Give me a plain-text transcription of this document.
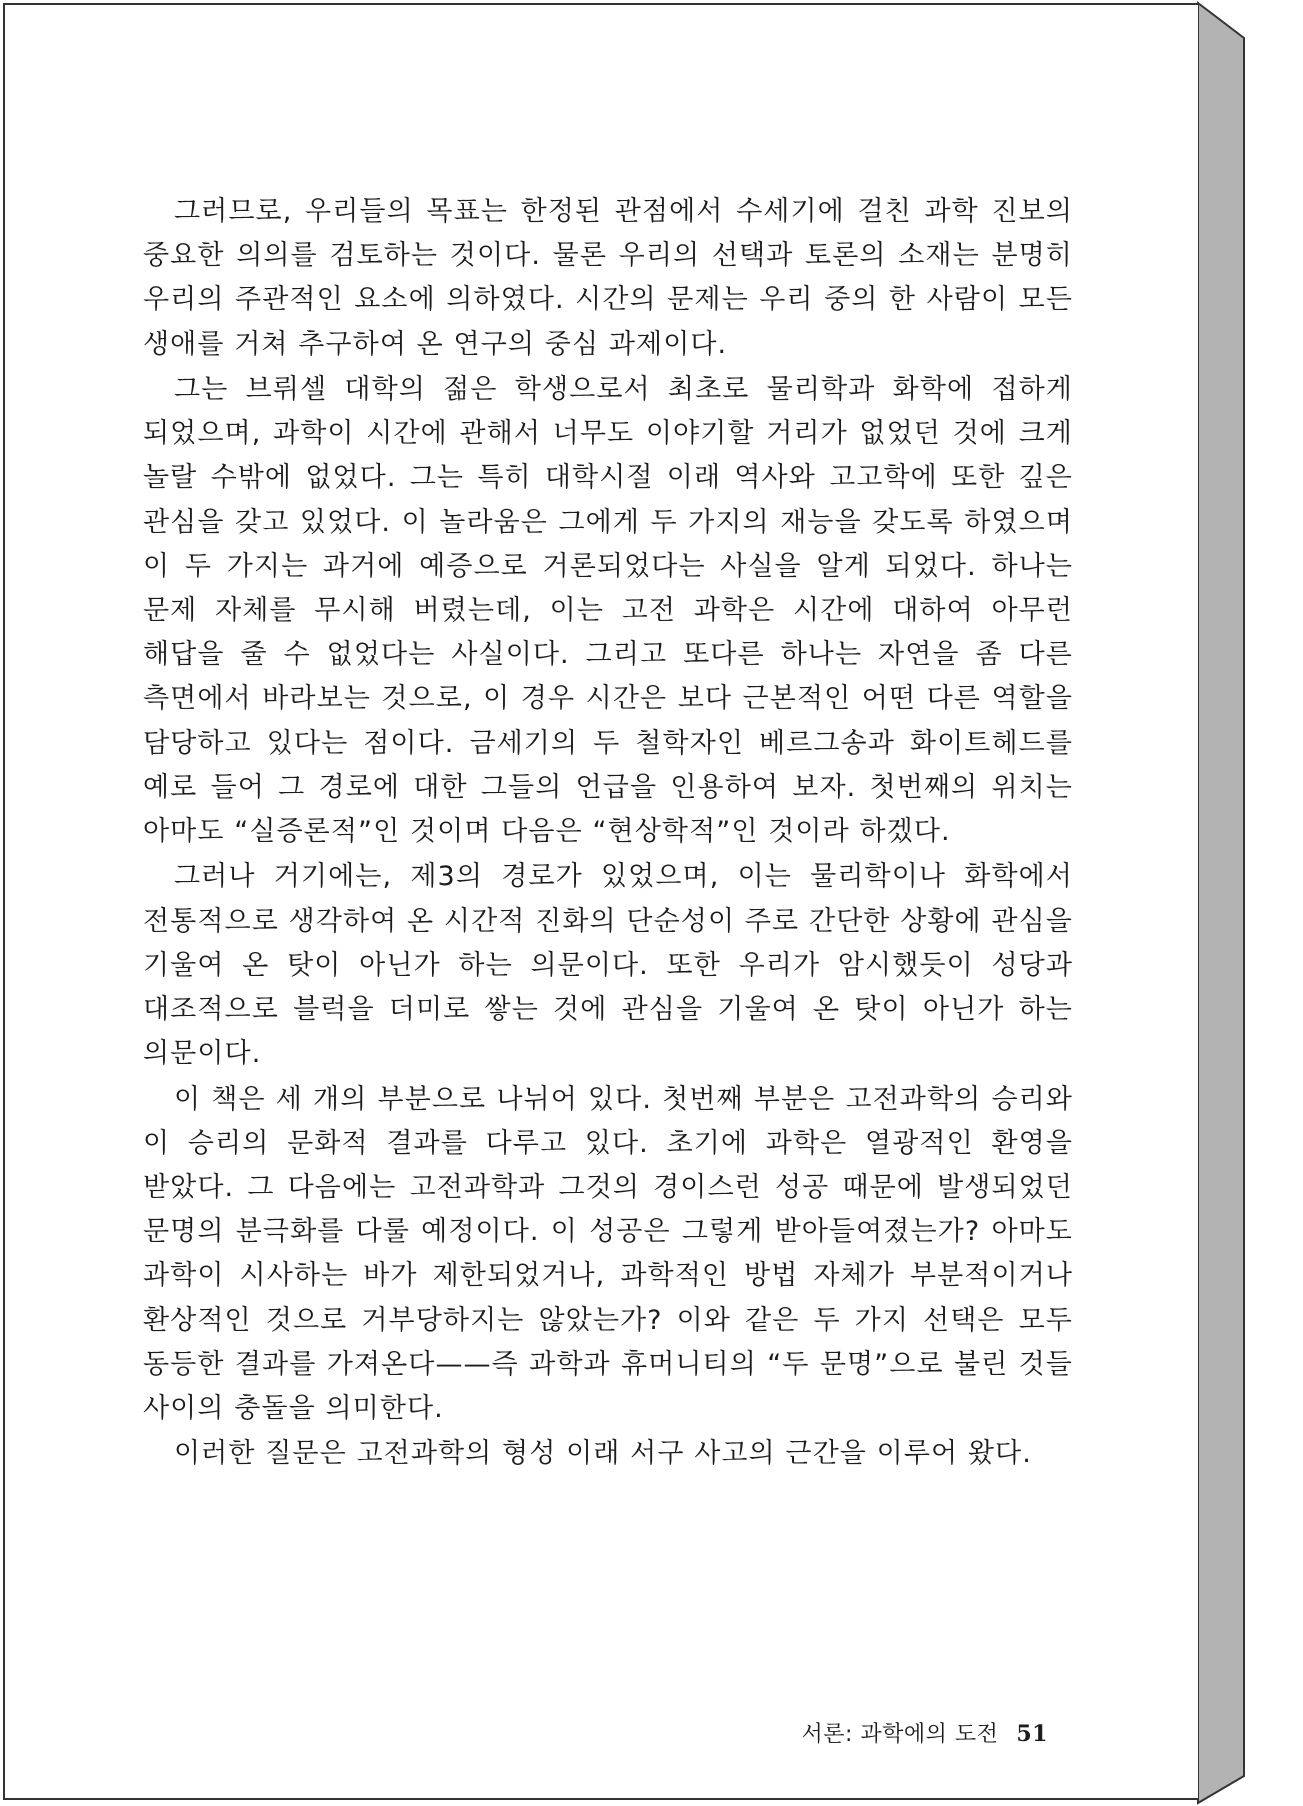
그러므로, 우리들의 목표는 한정된 관점에서 수세기에 걸친 과학 진보의 중요한 의의를 검토하는 것이다. 물론 우리의 선택과 토론의 소재는 분명히 우리의 주관적인 요소에 의하였다. 시간의 문제는 우리 중의 한 사람이 모든 생애를 거쳐 추구하여 온 연구의 중심 과제이다.

그는 브뤼셀 대학의 젊은 학생으로서 최초로 물리학과 화학에 접하게 되었으며, 과학이 시간에 관해서 너무도 이야기할 거리가 없었던 것에 크게 놀랄 수밖에 없었다. 그는 특히 대학시절 이래 역사와 고고학에 또한 깊은 관심을 갖고 있었다. 이 놀라움은 그에게 두 가지의 재능을 갖도록 하였으며 이 두 가지는 과거에 예증으로 거론되었다는 사실을 알게 되었다. 하나는 문제 자체를 무시해 버렸는데, 이는 고전 과학은 시간에 대하여 아무런 해답을 줄 수 없었다는 사실이다. 그리고 또다른 하나는 자연을 좀 다른 측면에서 바라보는 것으로, 이 경우 시간은 보다 근본적인 어떤 다른 역할을 담당하고 있다는 점이다. 금세기의 두 철학자인 베르그송과 화이트헤드를 예로 들어 그 경로에 대한 그들의 언급을 인용하여 보자. 첫번째의 위치는 아마도 “실증론적”인 것이며 다음은 “현상학적”인 것이라 하겠다.

그러나 거기에는, 제3의 경로가 있었으며, 이는 물리학이나 화학에서 전통적으로 생각하여 온 시간적 진화의 단순성이 주로 간단한 상황에 관심을 기울여 온 탓이 아닌가 하는 의문이다. 또한 우리가 암시했듯이 성당과 대조적으로 블럭을 더미로 쌓는 것에 관심을 기울여 온 탓이 아닌가 하는 의문이다.

이 책은 세 개의 부분으로 나뉘어 있다. 첫번째 부분은 고전과학의 승리와 이 승리의 문화적 결과를 다루고 있다. 초기에 과학은 열광적인 환영을 받았다. 그 다음에는 고전과학과 그것의 경이스런 성공 때문에 발생되었던 문명의 분극화를 다룰 예정이다. 이 성공은 그렇게 받아들여졌는가? 아마도 과학이 시사하는 바가 제한되었거나, 과학적인 방법 자체가 부분적이거나 환상적인 것으로 거부당하지는 않았는가? 이와 같은 두 가지 선택은 모두 동등한 결과를 가져온다——즉 과학과 휴머니티의 “두 문명”으로 불린 것들 사이의 충돌을 의미한다.

이러한 질문은 고전과학의 형성 이래 서구 사고의 근간을 이루어 왔다.

서론: 과학에의 도전 51
